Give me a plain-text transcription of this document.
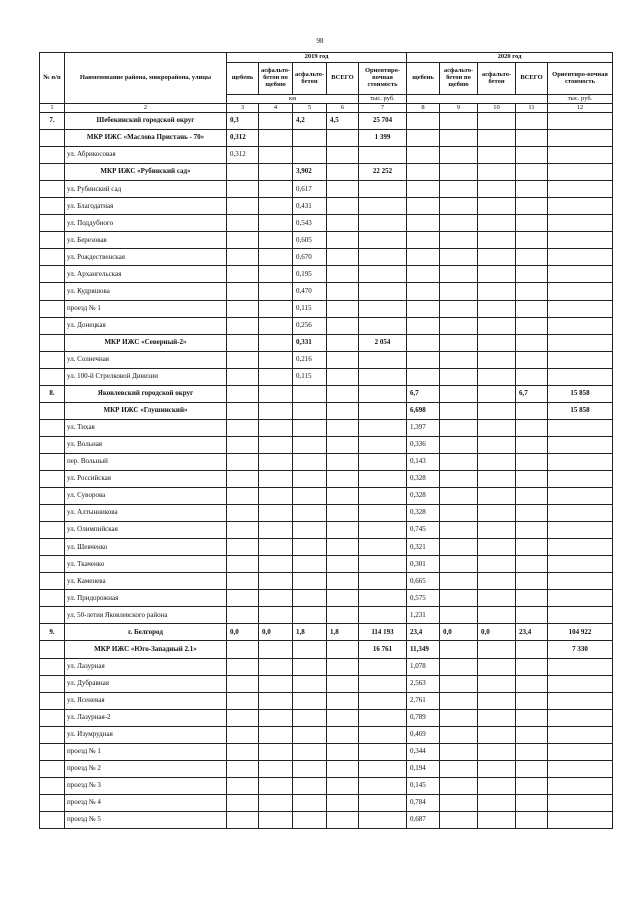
98
№ п/п	Наименование района, микрорайона, улицы	2019 год					2020 год				
		щебень	асфальто-бетон по щебню	асфальто-бетон	ВСЕГО	Ориентиро-вочная стоимость	щебень	асфальто-бетон по щебню	асфальто-бетон	ВСЕГО	Ориентиро-вочная стоимость
		км				тыс. руб.					тыс. руб.
1	2	3	4	5	6	7	8	9	10	11	12
7.	Шебекинский городской округ	0,3		4,2	4,5	25 704					
	МКР ИЖС «Маслова Пристань - 70»	0,312				1 399					
	ул. Абрикосовая	0,312									
	МКР ИЖС «Рубинский сад»			3,902		22 252					
	ул. Рубинский сад			0,617							
	ул. Благодатная			0,431							
	ул. Поддубного			0,543							
	ул. Березовая			0,605							
	ул. Рождественская			0,670							
	ул. Архангельская			0,195							
	ул. Кудряшова			0,470							
	проезд № 1			0,115							
	ул. Донецкая			0,256							
	МКР ИЖС «Северный-2»			0,331		2 054					
	ул. Солнечная			0,216							
	ул. 100-й Стрелковой Дивизии			0,115							
8.	Яковлевский городской округ						6,7			6,7	15 858
	МКР ИЖС «Глушинский»						6,698				15 858
	ул. Тихая						1,397				
	ул. Вольная						0,336				
	пер. Вольный						0,143				
	ул. Российская						0,328				
	ул. Суворова						0,328				
	ул. Алтынникова						0,328				
	ул. Олимпийская						0,745				
	ул. Шевченко						0,321				
	ул. Ткаченко						0,301				
	ул. Каменева						0,665				
	ул. Придорожная						0,575				
	ул. 50-летия Яковлевского района						1,231				
9.	г. Белгород	0,0	0,0	1,8	1,8	114 193	23,4	0,0	0,0	23,4	104 922
	МКР ИЖС «Юго-Западный 2.1»					16 761	11,349				7 330
	ул. Лазурная						1,078				
	ул. Дубравная						2,563				
	ул. Ясеневая						2,761				
	ул. Лазурная-2						0,789				
	ул. Изумрудная						0,469				
	проезд № 1						0,344				
	проезд № 2						0,194				
	проезд № 3						0,145				
	проезд № 4						0,784				
	проезд № 5						0,687				
